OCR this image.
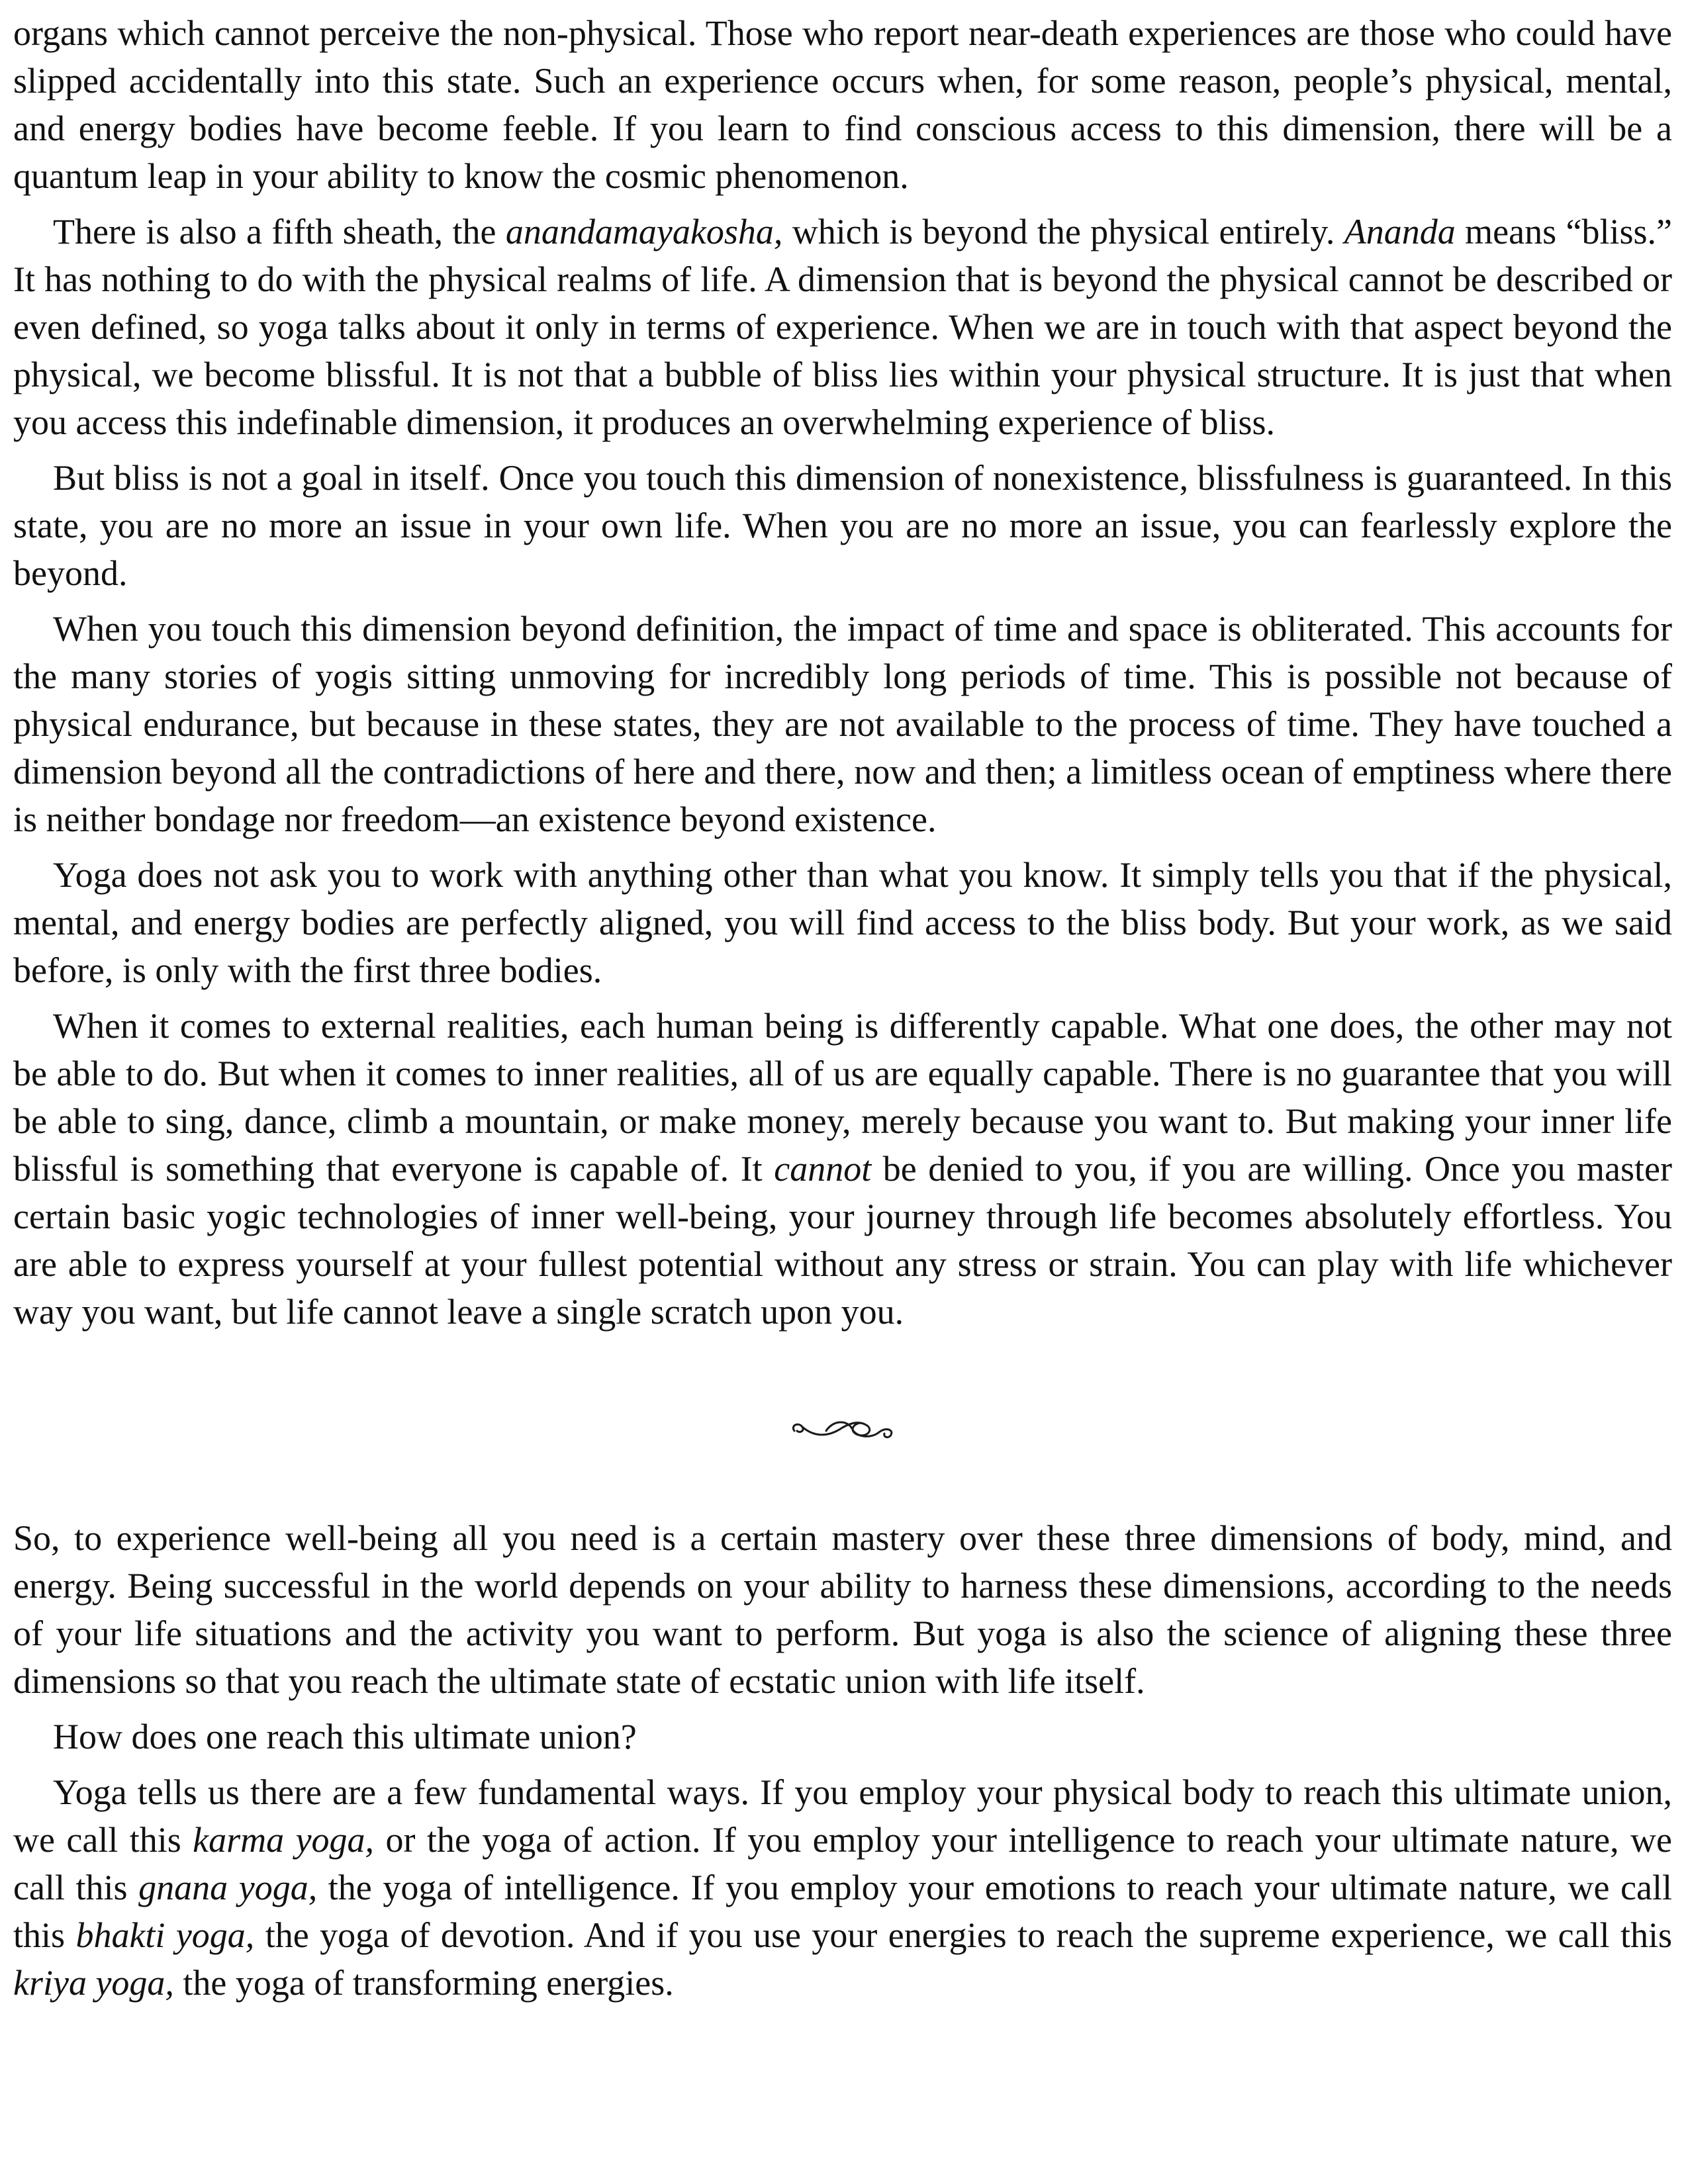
organs which cannot perceive the non-physical. Those who report near-death experiences are those who could have slipped accidentally into this state. Such an experience occurs when, for some reason, people’s physical, mental, and energy bodies have become feeble. If you learn to find conscious access to this dimension, there will be a quantum leap in your ability to know the cosmic phenomenon.

There is also a fifth sheath, the anandamayakosha, which is beyond the physical entirely. Ananda means “bliss.” It has nothing to do with the physical realms of life. A dimension that is beyond the physical cannot be described or even defined, so yoga talks about it only in terms of experience. When we are in touch with that aspect beyond the physical, we become blissful. It is not that a bubble of bliss lies within your physical structure. It is just that when you access this indefinable dimension, it produces an overwhelming experience of bliss.

But bliss is not a goal in itself. Once you touch this dimension of nonexistence, blissfulness is guaranteed. In this state, you are no more an issue in your own life. When you are no more an issue, you can fearlessly explore the beyond.

When you touch this dimension beyond definition, the impact of time and space is obliterated. This accounts for the many stories of yogis sitting unmoving for incredibly long periods of time. This is possible not because of physical endurance, but because in these states, they are not available to the process of time. They have touched a dimension beyond all the contradictions of here and there, now and then; a limitless ocean of emptiness where there is neither bondage nor freedom—an existence beyond existence.

Yoga does not ask you to work with anything other than what you know. It simply tells you that if the physical, mental, and energy bodies are perfectly aligned, you will find access to the bliss body. But your work, as we said before, is only with the first three bodies.

When it comes to external realities, each human being is differently capable. What one does, the other may not be able to do. But when it comes to inner realities, all of us are equally capable. There is no guarantee that you will be able to sing, dance, climb a mountain, or make money, merely because you want to. But making your inner life blissful is something that everyone is capable of. It cannot be denied to you, if you are willing. Once you master certain basic yogic technologies of inner well-being, your journey through life becomes absolutely effortless. You are able to express yourself at your fullest potential without any stress or strain. You can play with life whichever way you want, but life cannot leave a single scratch upon you.

So, to experience well-being all you need is a certain mastery over these three dimensions of body, mind, and energy. Being successful in the world depends on your ability to harness these dimensions, according to the needs of your life situations and the activity you want to perform. But yoga is also the science of aligning these three dimensions so that you reach the ultimate state of ecstatic union with life itself.

How does one reach this ultimate union?

Yoga tells us there are a few fundamental ways. If you employ your physical body to reach this ultimate union, we call this karma yoga, or the yoga of action. If you employ your intelligence to reach your ultimate nature, we call this gnana yoga, the yoga of intelligence. If you employ your emotions to reach your ultimate nature, we call this bhakti yoga, the yoga of devotion. And if you use your energies to reach the supreme experience, we call this kriya yoga, the yoga of transforming energies.
